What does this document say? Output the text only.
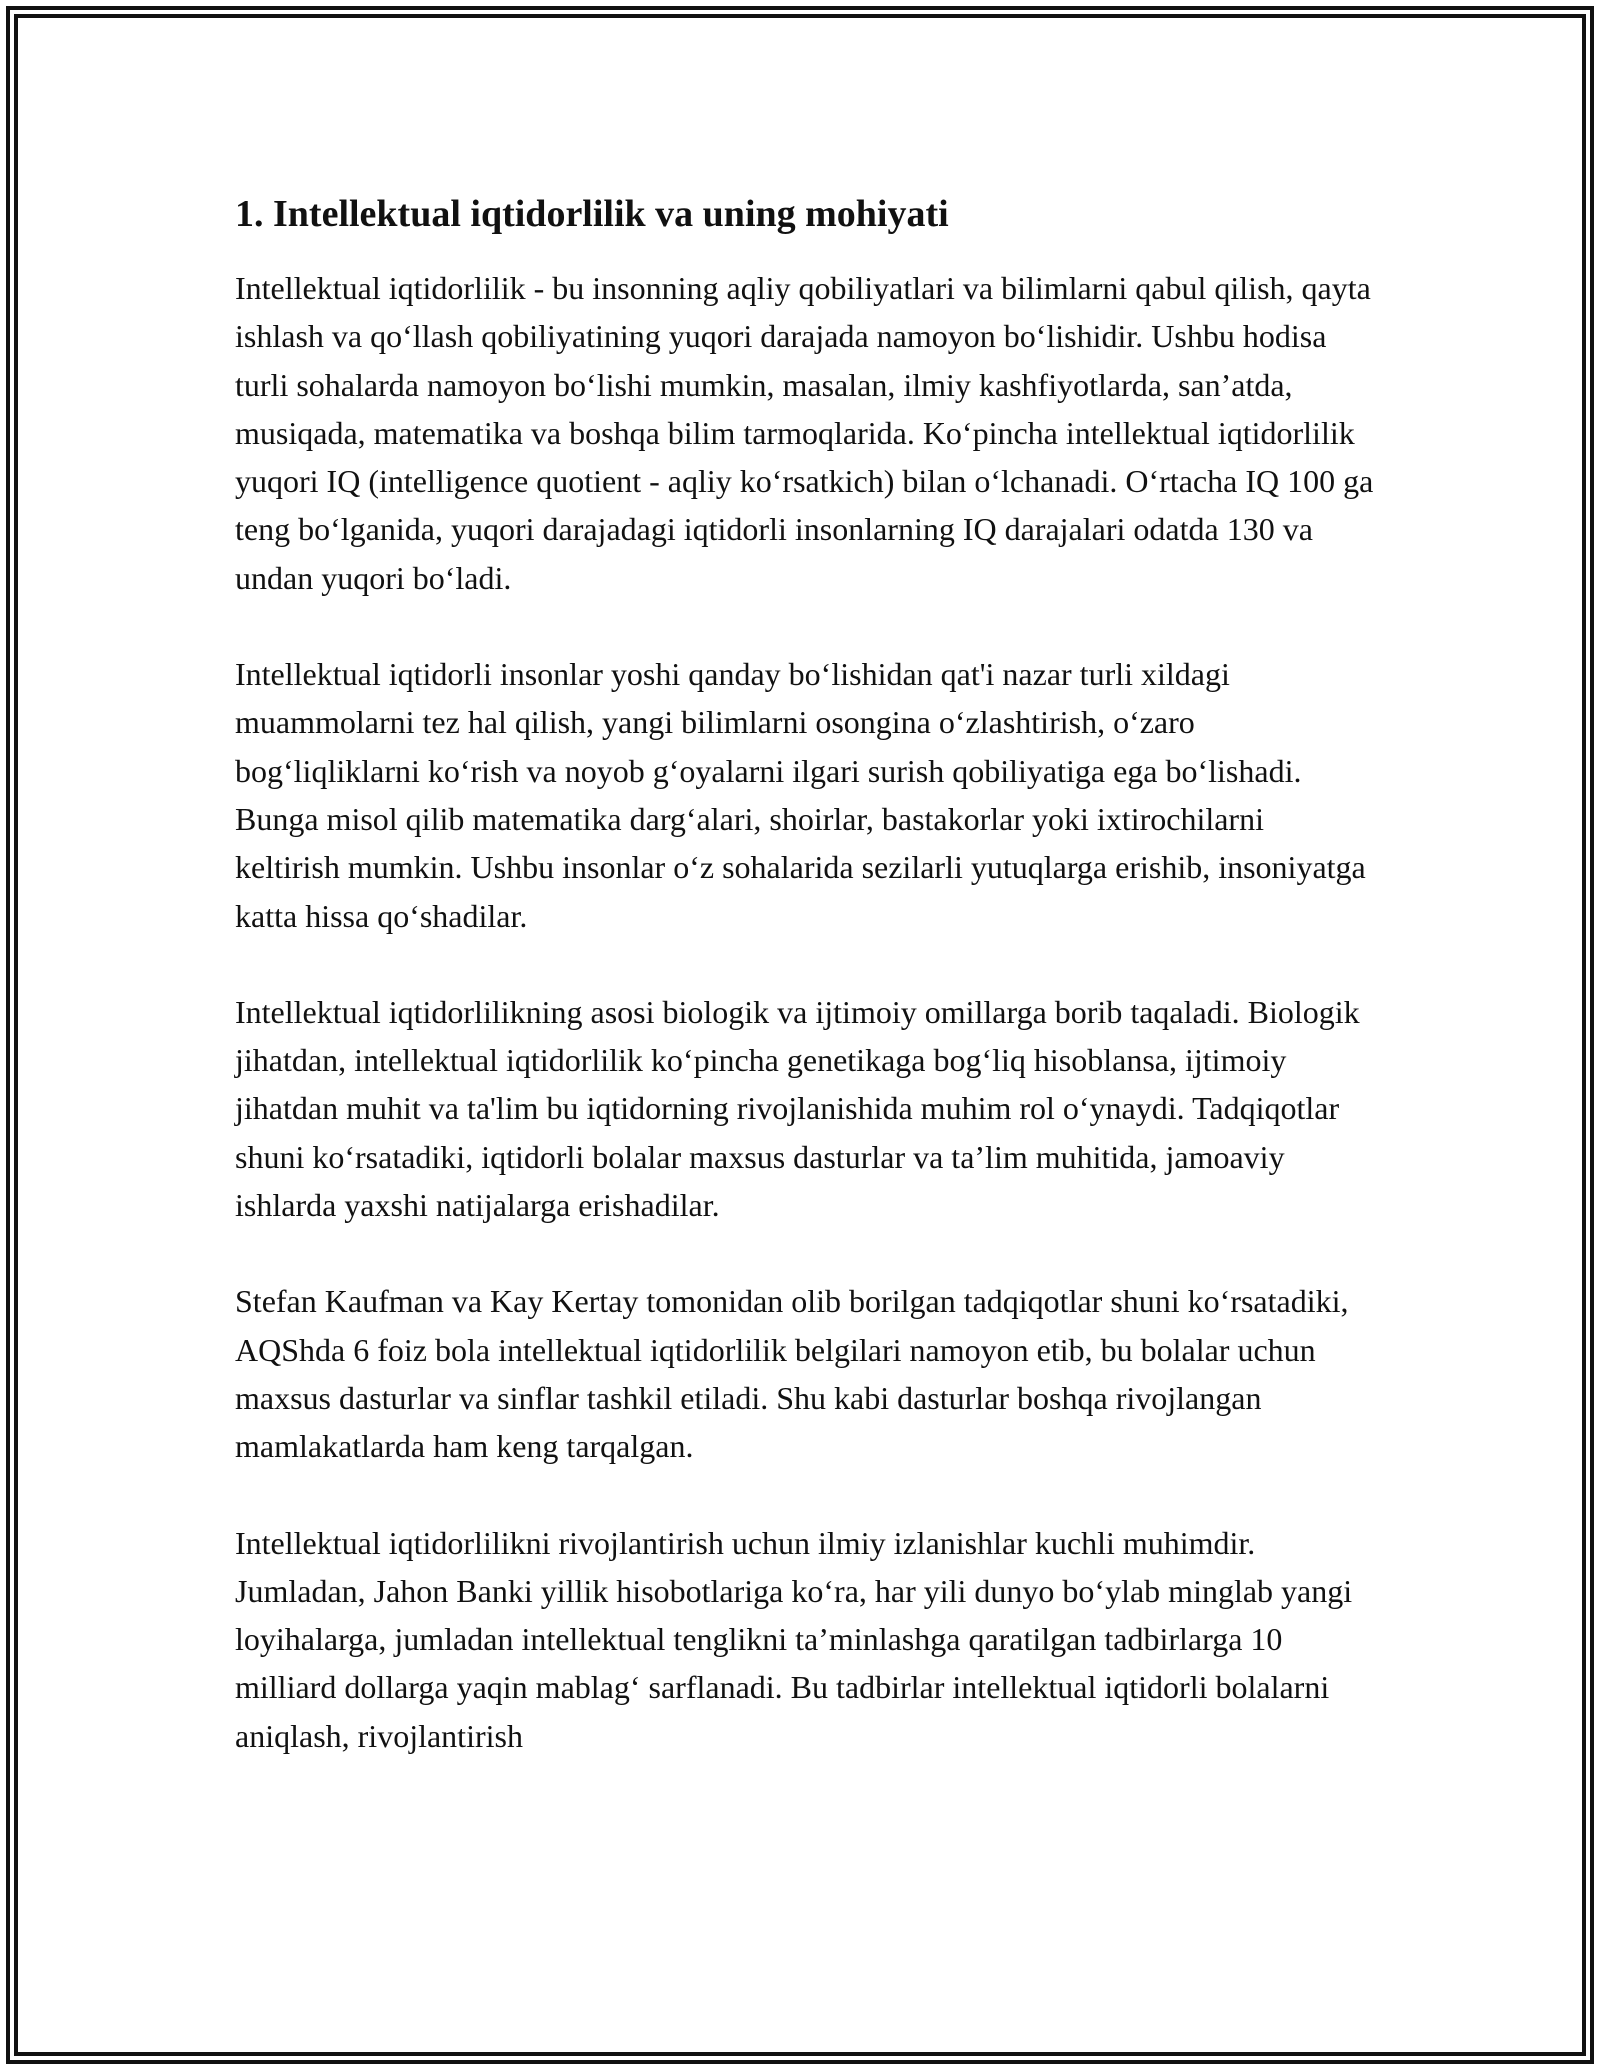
1. Intellektual iqtidorlilik va uning mohiyati

Intellektual iqtidorlilik - bu insonning aqliy qobiliyatlari va bilimlarni qabul qilish, qayta ishlash va qo‘llash qobiliyatining yuqori darajada namoyon bo‘lishidir. Ushbu hodisa turli sohalarda namoyon bo‘lishi mumkin, masalan, ilmiy kashfiyotlarda, san’atda, musiqada, matematika va boshqa bilim tarmoqlarida. Ko‘pincha intellektual iqtidorlilik yuqori IQ (intelligence quotient - aqliy ko‘rsatkich) bilan o‘lchanadi. O‘rtacha IQ 100 ga teng bo‘lganida, yuqori darajadagi iqtidorli insonlarning IQ darajalari odatda 130 va undan yuqori bo‘ladi.

Intellektual iqtidorli insonlar yoshi qanday bo‘lishidan qat'i nazar turli xildagi muammolarni tez hal qilish, yangi bilimlarni osongina o‘zlashtirish, o‘zaro bog‘liqliklarni ko‘rish va noyob g‘oyalarni ilgari surish qobiliyatiga ega bo‘lishadi. Bunga misol qilib matematika darg‘alari, shoirlar, bastakorlar yoki ixtirochilarni keltirish mumkin. Ushbu insonlar o‘z sohalarida sezilarli yutuqlarga erishib, insoniyatga katta hissa qo‘shadilar.

Intellektual iqtidorlilikning asosi biologik va ijtimoiy omillarga borib taqaladi. Biologik jihatdan, intellektual iqtidorlilik ko‘pincha genetikaga bog‘liq hisoblansa, ijtimoiy jihatdan muhit va ta'lim bu iqtidorning rivojlanishida muhim rol o‘ynaydi. Tadqiqotlar shuni ko‘rsatadiki, iqtidorli bolalar maxsus dasturlar va ta’lim muhitida, jamoaviy ishlarda yaxshi natijalarga erishadilar.

Stefan Kaufman va Kay Kertay tomonidan olib borilgan tadqiqotlar shuni ko‘rsatadiki, AQShda 6 foiz bola intellektual iqtidorlilik belgilari namoyon etib, bu bolalar uchun maxsus dasturlar va sinflar tashkil etiladi. Shu kabi dasturlar boshqa rivojlangan mamlakatlarda ham keng tarqalgan.

Intellektual iqtidorlilikni rivojlantirish uchun ilmiy izlanishlar kuchli muhimdir. Jumladan, Jahon Banki yillik hisobotlariga ko‘ra, har yili dunyo bo‘ylab minglab yangi loyihalarga, jumladan intellektual tenglikni ta’minlashga qaratilgan tadbirlarga 10 milliard dollarga yaqin mablag‘ sarflanadi. Bu tadbirlar intellektual iqtidorli bolalarni aniqlash, rivojlantirish
